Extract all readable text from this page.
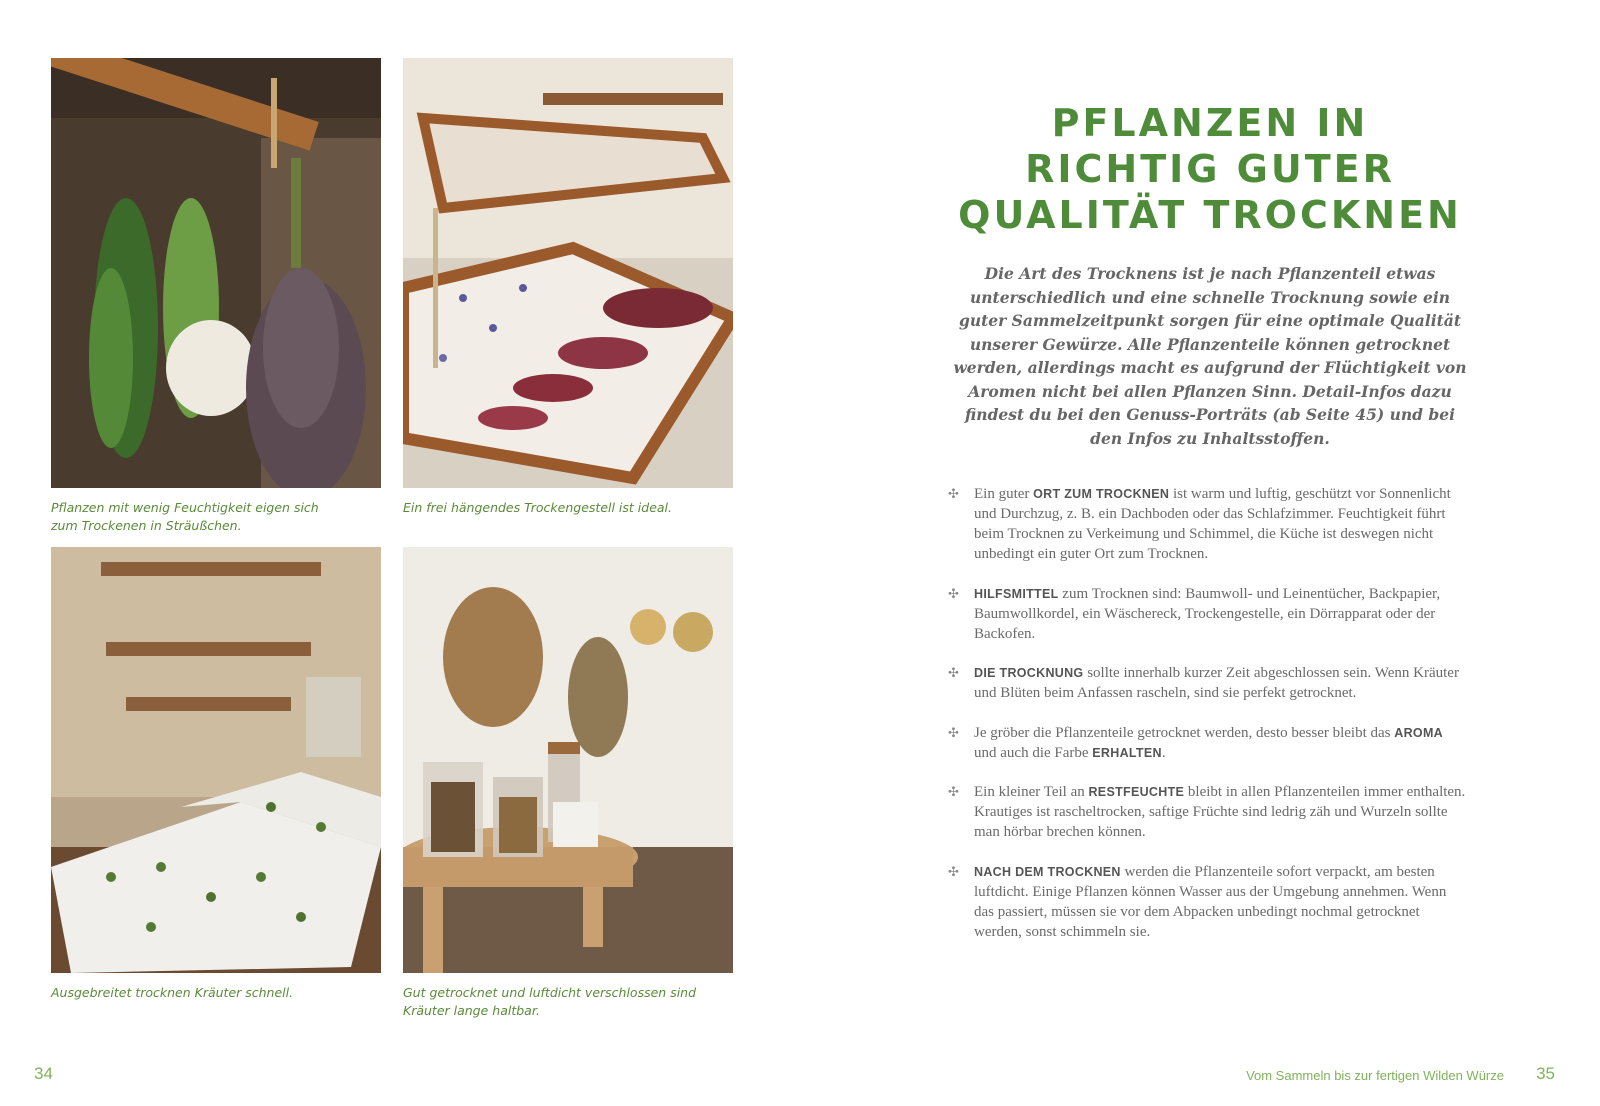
Pflanzen mit wenig Feuchtigkeit eigen sich zum Trockenen in Sträußchen.
Ein frei hängendes Trockengestell ist ideal.
Ausgebreitet trocknen Kräuter schnell.	Gut getrocknet und luftdicht verschlossen sind Kräuter lange haltbar.
34	Vom Sammeln bis zur fertigen Wilden Würze 35
PFLANZEN IN
RICHTIG GUTER
QUALITÄT TROCKNEN

Die Art des Trocknens ist je nach Pflanzenteil etwas unterschiedlich und eine schnelle Trocknung sowie ein guter Sammelzeitpunkt sorgen für eine optimale Qualität unserer Gewürze. Alle Pflanzenteile können getrocknet werden, allerdings macht es aufgrund der Flüchtigkeit von Aromen nicht bei allen Pflanzen Sinn. Detail-Infos dazu findest du bei den Genuss-Porträts (ab Seite 45) und bei den Infos zu Inhaltsstoffen.

✣ Ein guter ORT ZUM TROCKNEN ist warm und luftig, geschützt vor Sonnenlicht und Durchzug, z. B. ein Dachboden oder das Schlafzimmer. Feuchtigkeit führt beim Trocknen zu Verkeimung und Schimmel, die Küche ist deswegen nicht unbedingt ein guter Ort zum Trocknen.
✣ HILFSMITTEL zum Trocknen sind: Baumwoll- und Leinentücher, Backpapier, Baumwollkordel, ein Wäschereck, Trockengestelle, ein Dörrapparat oder der Backofen.
✣ DIE TROCKNUNG sollte innerhalb kurzer Zeit abgeschlossen sein. Wenn Kräuter und Blüten beim Anfassen rascheln, sind sie perfekt getrocknet.
✣ Je gröber die Pflanzenteile getrocknet werden, desto besser bleibt das AROMA und auch die Farbe ERHALTEN.
✣ Ein kleiner Teil an RESTFEUCHTE bleibt in allen Pflanzenteilen immer enthalten. Krautiges ist rascheltrocken, saftige Früchte sind ledrig zäh und Wurzeln sollte man hörbar brechen können.
✣ NACH DEM TROCKNEN werden die Pflanzenteile sofort verpackt, am besten luftdicht. Einige Pflanzen können Wasser aus der Umgebung annehmen. Wenn das passiert, müssen sie vor dem Abpacken unbedingt nochmal getrocknet werden, sonst schimmeln sie.
